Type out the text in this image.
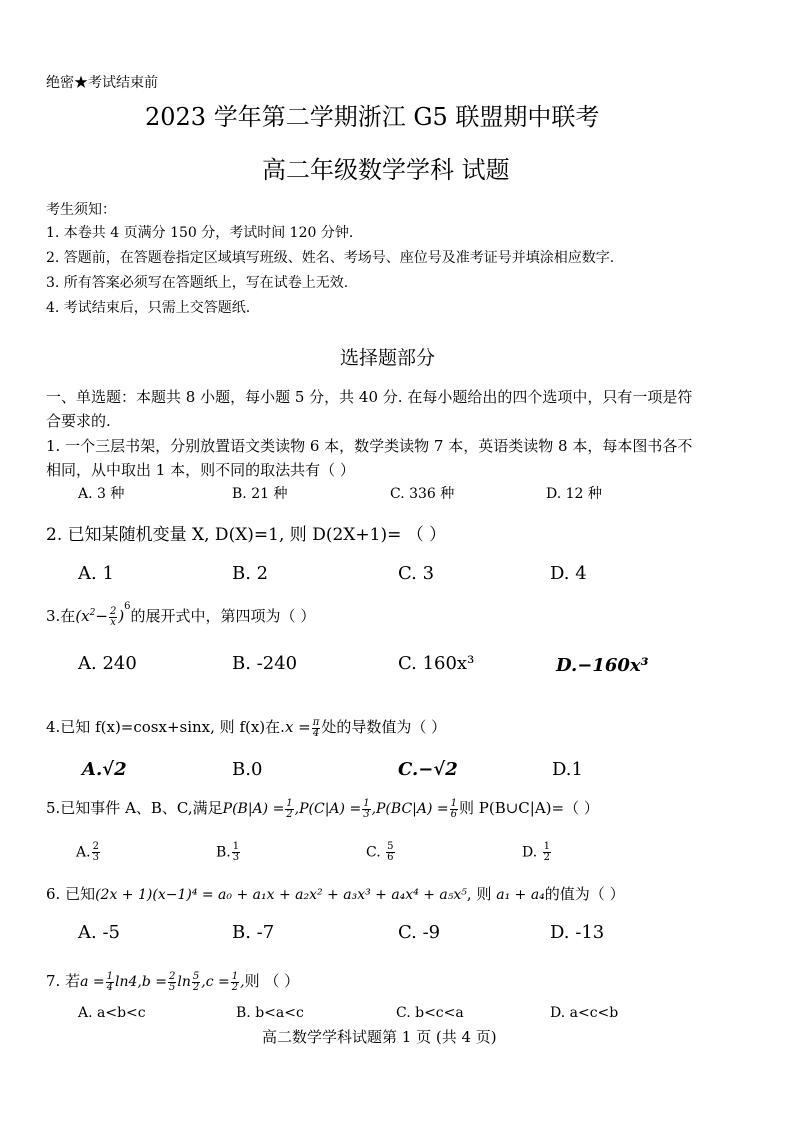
绝密★考试结束前
2023 学年第二学期浙江 G5 联盟期中联考
高二年级数学学科 试题
考生须知：
1. 本卷共 4 页满分 150 分，考试时间 120 分钟.
2. 答题前，在答题卷指定区域填写班级、姓名、考场号、座位号及准考证号并填涂相应数字.
3. 所有答案必须写在答题纸上，写在试卷上无效.
4. 考试结束后，只需上交答题纸.
选择题部分
一、单选题：本题共 8 小题，每小题 5 分，共 40 分. 在每小题给出的四个选项中，只有一项是符
合要求的.
1. 一个三层书架，分别放置语文类读物 6 本，数学类读物 7 本，英语类读物 8 本，每本图书各不
相同，从中取出 1 本，则不同的取法共有（ ）
A. 3 种	B. 21 种	C. 336 种	D. 12 种
2. 已知某随机变量 X, D(X)=1, 则 D(2X+1)= （ ）
A. 1	B. 2	C. 3	D. 4
3.在$(x^2- \frac{2}{x} )^6$的展开式中，第四项为（ ）
A. 240	B. -240	C. 160x³	D.−160x³
4.已知 f(x)=cosx+sinx, 则 f(x)在$.x = \frac{\pi}{4}$ 处的导数值为（ ）
A.√2	B.0	C.−√2	D.1
5.已知事件 A、B、C,满足$P(B|A) = \frac{1}{2} ,P(C|A) = \frac{1}{3} ,P(BC|A) = \frac{1}{6}$ 则 P(B∪C|A)=（ ）
A. $\frac{2}{3}$	B. $\frac{1}{3}$	C. $\frac{5}{6}$	D. $\frac{1}{2}$
6. 已知(2x + 1)(x−1)⁴ = a₀ + a₁x + a₂x² + a₃x³ + a₄x⁴ + a₅x⁵, 则 a₁ + a₄的值为（ ）
A. -5	B. -7	C. -9	D. -13
7. 若$a = \frac{1}{4} \ln 4,b = \frac{2}{5}$ $\ln \frac{5}{2} ,c = \frac{1}{2}$ ,则 （ ）
A. a<b<c	B. b<a<c	C. b<c<a	D. a<c<b
高二数学学科试题第 1 页 (共 4 页)
